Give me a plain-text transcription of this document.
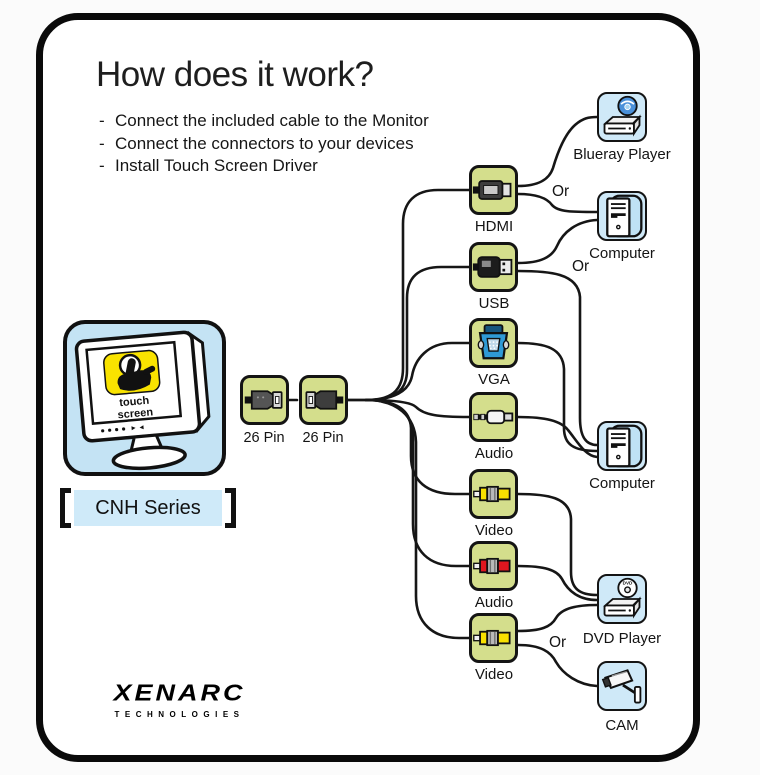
How does it work?
- Connect the included cable to the Monitor
- Connect the connectors to your devices
- Install Touch Screen Driver
touch
screen
CNH Series
26 Pin	26 Pin
HDMI
USB
VGA
Audio
Video
Audio
Video
Or
Or
Or
DVD
Blueray Player
Computer
Computer
DVD Player
CAM
XENARC
TECHNOLOGIES
